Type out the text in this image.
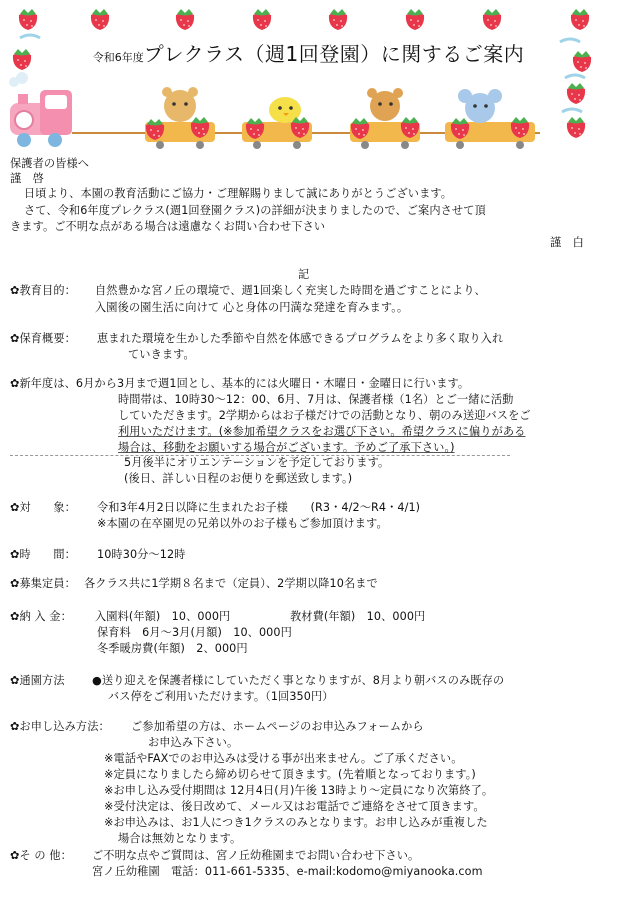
令和6年度プレクラス（週1回登園）に関するご案内
保護者の皆様へ
謹　啓
日頃より、本園の教育活動にご協力・ご理解賜りまして誠にありがとうございます。
さて、令和6年度プレクラス(週1回登園クラス)の詳細が決まりましたので、ご案内させて頂
きます。ご不明な点がある場合は遠慮なくお問い合わせ下さい
謹　白
記
✿教育目的： 自然豊かな宮ノ丘の環境で、週1回楽しく充実した時間を過ごすことにより、
入園後の園生活に向けて 心と身体の円満な発達を育みます。。
✿保育概要： 恵まれた環境を生かした季節や自然を体感できるプログラムをより多く取り入れ
ていきます。
✿新年度は、6月から3月まで週1回とし、基本的には火曜日・木曜日・金曜日に行います。
時間帯は、10時30～12：00、6月、7月は、保護者様（1名）とご一緒に活動
していただきます。2学期からはお子様だけでの活動となり、朝のみ送迎バスをご
利用いただけます。(※参加希望クラスをお選び下さい。希望クラスに偏りがある
場合は、移動をお願いする場合がございます。予めご了承下さい。)
5月後半にオリエンテーションを予定しております。
(後日、詳しい日程のお便りを郵送致します。)
✿対　　象： 令和3年4月2日以降に生まれたお子様　　(R3・4/2～R4・4/1)
※本園の在卒園児の兄弟以外のお子様もご参加頂けます。
✿時　　間： 10時30分～12時
✿募集定員： 各クラス共に1学期８名まで（定員）、2学期以降10名まで
✿納 入 金： 入園料(年額)　10、000円	教材費(年額)　10、000円
保育料　6月～3月(月額)　10、000円
冬季暖房費(年額)　2、000円
✿通園方法 ●送り迎えを保護者様にしていただく事となりますが、8月より朝バスのみ既存の
バス停をご利用いただけます。（1回350円）
✿お申し込み方法： ご参加希望の方は、ホームページのお申込みフォームから
お申込み下さい。
※電話やFAXでのお申込みは受ける事が出来ません。ご了承ください。
※定員になりましたら締め切らせて頂きます。(先着順となっております。)
※お申し込み受付期間は 12月4日(月)午後 13時より～定員になり次第終了。
※受付決定は、後日改めて、メール又はお電話でご連絡をさせて頂きます。
※お申込みは、お1人につき1クラスのみとなります。お申し込みが重複した
場合は無効となります。
✿そ の 他： ご不明な点やご質問は、宮ノ丘幼稚園までお問い合わせ下さい。
宮ノ丘幼稚園　電話：011-661-5335、e-mail:kodomo@miyanooka.com
